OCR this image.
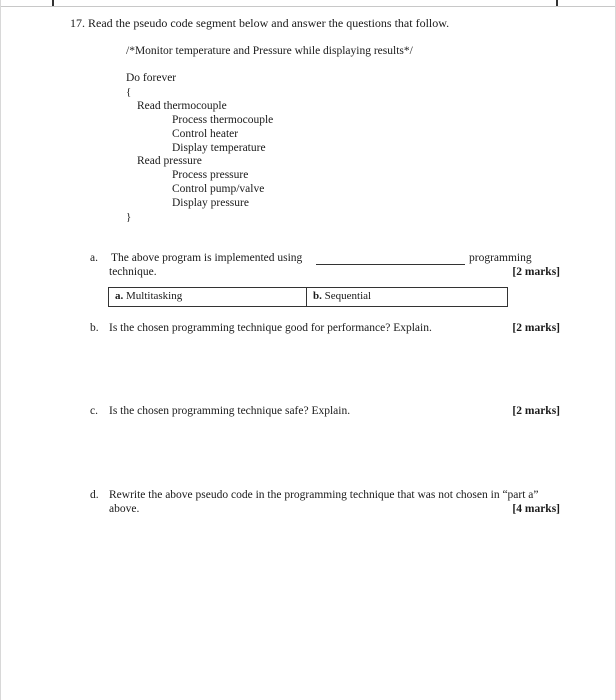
17. Read the pseudo code segment below and answer the questions that follow.
/*Monitor temperature and Pressure while displaying results*/
Do forever
{
Read thermocouple
Process thermocouple
Control heater
Display temperature
Read pressure
Process pressure
Control pump/valve
Display pressure
}
a. The above program is implemented using	programming
technique.	[2 marks]
a. Multitasking	b. Sequential
b. Is the chosen programming technique good for performance? Explain.	[2 marks]
c. Is the chosen programming technique safe? Explain.	[2 marks]
d. Rewrite the above pseudo code in the programming technique that was not chosen in “part a”
above.	[4 marks]
